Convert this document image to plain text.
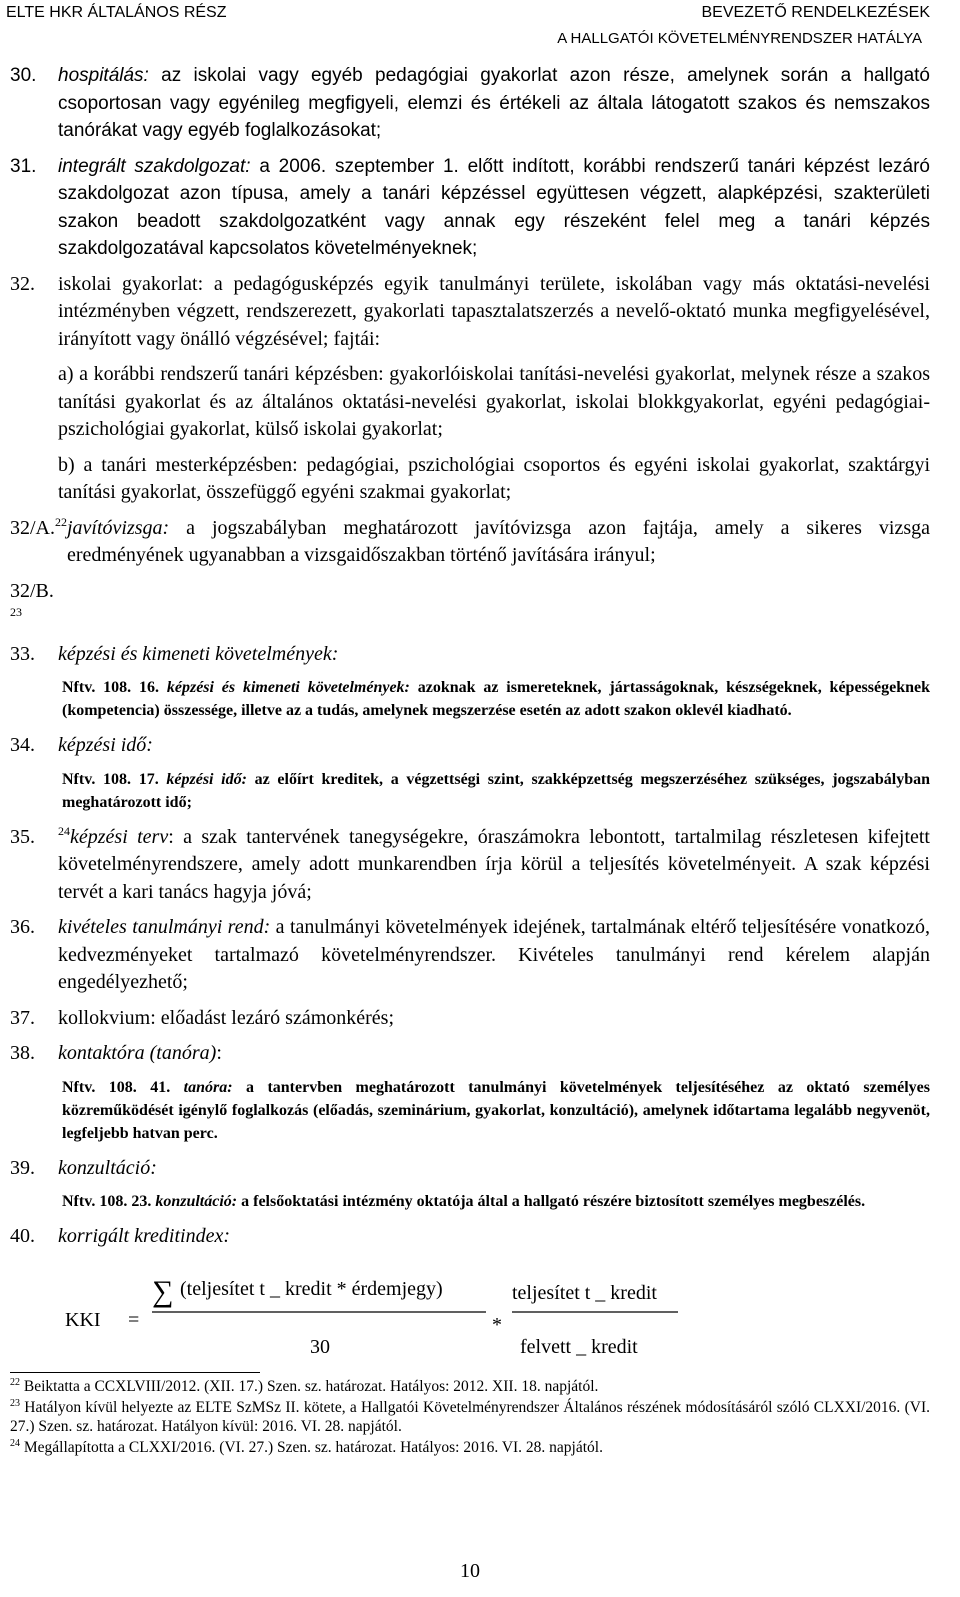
ELTE HKR ÁLTALÁNOS RÉSZ	BEVEZETŐ RENDELKEZÉSEK
A HALLGATÓI KÖVETELMÉNYRENDSZER HATÁLYA
30.	hospitálás: az iskolai vagy egyéb pedagógiai gyakorlat azon része, amelynek során a hallgató csoportosan vagy egyénileg megfigyeli, elemzi és értékeli az általa látogatott szakos és nemszakos tanórákat vagy egyéb foglalkozásokat;
31.	integrált szakdolgozat: a 2006. szeptember 1. előtt indított, korábbi rendszerű tanári képzést lezáró szakdolgozat azon típusa, amely a tanári képzéssel együttesen végzett, alapképzési, szakterületi szakon beadott szakdolgozatként vagy annak egy részeként felel meg a tanári képzés szakdolgozatával kapcsolatos követelményeknek;
32.	iskolai gyakorlat: a pedagógusképzés egyik tanulmányi területe, iskolában vagy más oktatási-nevelési intézményben végzett, rendszerezett, gyakorlati tapasztalatszerzés a nevelő-oktató munka megfigyelésével, irányított vagy önálló végzésével; fajtái:
a) a korábbi rendszerű tanári képzésben: gyakorlóiskolai tanítási-nevelési gyakorlat, melynek része a szakos tanítási gyakorlat és az általános oktatási-nevelési gyakorlat, iskolai blokkgyakorlat, egyéni pedagógiai-pszichológiai gyakorlat, külső iskolai gyakorlat;
b) a tanári mesterképzésben: pedagógiai, pszichológiai csoportos és egyéni iskolai gyakorlat, szaktárgyi tanítási gyakorlat, összefüggő egyéni szakmai gyakorlat;
32/A.$^{22}$ javítóvizsga: a jogszabályban meghatározott javítóvizsga azon fajtája, amely a sikeres vizsga eredményének ugyanabban a vizsgaidőszakban történő javítására irányul;
32/B. $^{23}$
33.	képzési és kimeneti követelmények:
Nftv. 108. 16. képzési és kimeneti követelmények: azoknak az ismereteknek, jártasságoknak, készségeknek, képességeknek (kompetencia) összessége, illetve az a tudás, amelynek megszerzése esetén az adott szakon oklevél kiadható.
34.	képzési idő:
Nftv. 108. 17. képzési idő: az előírt kreditek, a végzettségi szint, szakképzettség megszerzéséhez szükséges, jogszabályban meghatározott idő;
35.	$^{24}$képzési terv: a szak tantervének tanegységekre, óraszámokra lebontott, tartalmilag részletesen kifejtett követelményrendszere, amely adott munkarendben írja körül a teljesítés követelményeit. A szak képzési tervét a kari tanács hagyja jóvá;
36.	kivételes tanulmányi rend: a tanulmányi követelmények idejének, tartalmának eltérő teljesítésére vonatkozó, kedvezményeket tartalmazó követelményrendszer. Kivételes tanulmányi rend kérelem alapján engedélyezhető;
37.	kollokvium: előadást lezáró számonkérés;
38.	kontaktóra (tanóra):
Nftv. 108. 41. tanóra: a tantervben meghatározott tanulmányi követelmények teljesítéséhez az oktató személyes közreműködését igénylő foglalkozás (előadás, szeminárium, gyakorlat, konzultáció), amelynek időtartama legalább negyvenöt, legfeljebb hatvan perc.
39.	konzultáció:
Nftv. 108. 23. konzultáció: a felsőoktatási intézmény oktatója által a hallgató részére biztosított személyes megbeszélés.
40.	korrigált kreditindex:
KKI =
∑ (teljesítet t _ kredit * érdemjegy)
30
*
teljesítet t _ kredit
felvett _ kredit
$^{22}$ Beiktatta a CCXLVIII/2012. (XII. 17.) Szen. sz. határozat. Hatályos: 2012. XII. 18. napjától.
$^{23}$ Hatályon kívül helyezte az ELTE SzMSz II. kötete, a Hallgatói Követelményrendszer Általános részének módosításáról szóló CLXXI/2016. (VI. 27.) Szen. sz. határozat. Hatályon kívül: 2016. VI. 28. napjától.
$^{24}$ Megállapította a CLXXI/2016. (VI. 27.) Szen. sz. határozat. Hatályos: 2016. VI. 28. napjától.
10
